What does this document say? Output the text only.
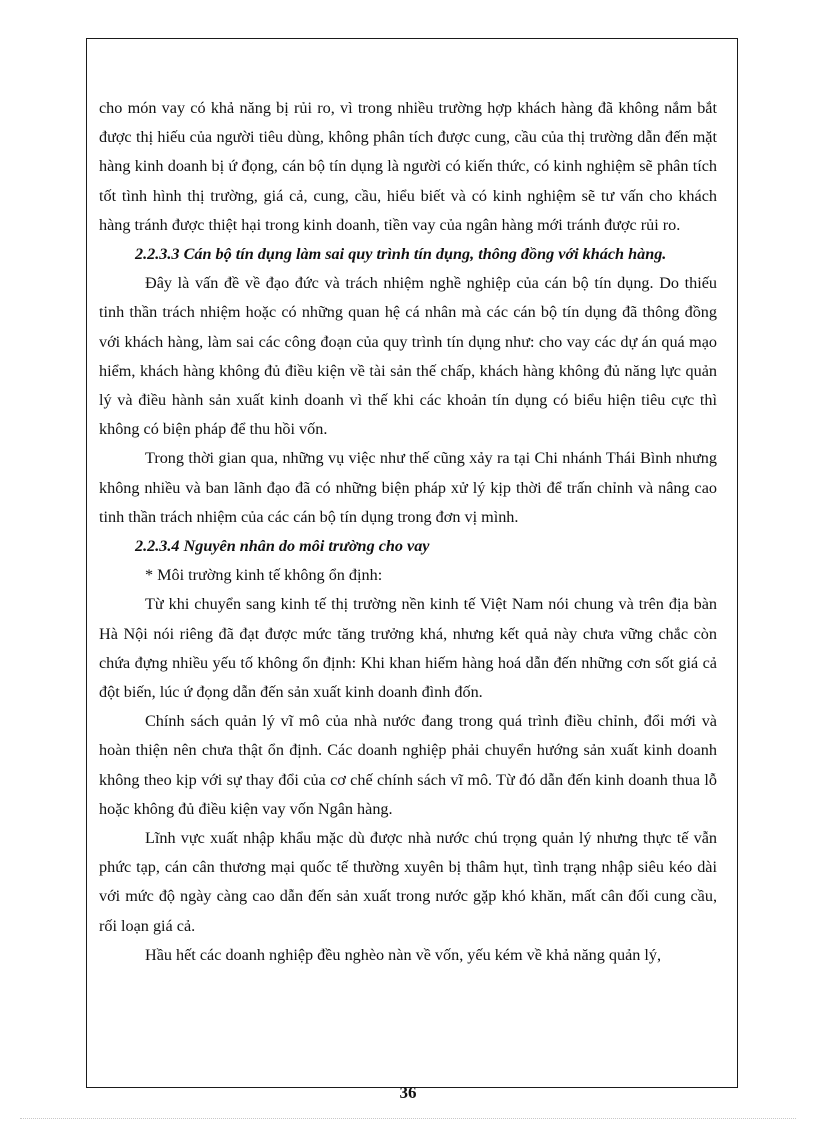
cho món vay có khả năng bị rủi ro, vì trong nhiều trường hợp khách hàng đã không nắm bắt được thị hiếu của người tiêu dùng, không phân tích được cung, cầu của thị trường dẫn đến mặt hàng kinh doanh bị ứ đọng, cán bộ tín dụng là người có kiến thức, có kinh nghiệm sẽ phân tích tốt tình hình thị trường, giá cả, cung, cầu, hiểu biết và có kinh nghiệm sẽ tư vấn cho khách hàng tránh được thiệt hại trong kinh doanh, tiền vay của ngân hàng mới tránh được rủi ro.

2.2.3.3 Cán bộ tín dụng làm sai quy trình tín dụng, thông đồng với khách hàng.

Đây là vấn đề về đạo đức và trách nhiệm nghề nghiệp của cán bộ tín dụng. Do thiếu tinh thần trách nhiệm hoặc có những quan hệ cá nhân mà các cán bộ tín dụng đã thông đồng với khách hàng, làm sai các công đoạn của quy trình tín dụng như: cho vay các dự án quá mạo hiểm, khách hàng không đủ điều kiện về tài sản thế chấp, khách hàng không đủ năng lực quản lý và điều hành sản xuất kinh doanh vì thế khi các khoản tín dụng có biểu hiện tiêu cực thì không có biện pháp để thu hồi vốn.

Trong thời gian qua, những vụ việc như thế cũng xảy ra tại Chi nhánh Thái Bình nhưng không nhiều và ban lãnh đạo đã có những biện pháp xử lý kịp thời để trấn chỉnh và nâng cao tinh thần trách nhiệm của các cán bộ tín dụng trong đơn vị mình.

2.2.3.4 Nguyên nhân do môi trường cho vay

* Môi trường kinh tế không ổn định:

Từ khi chuyển sang kinh tế thị trường nền kinh tế Việt Nam nói chung và trên địa bàn Hà Nội nói riêng đã đạt được mức tăng trưởng khá, nhưng kết quả này chưa vững chắc còn chứa đựng nhiều yếu tố không ổn định: Khi khan hiếm hàng hoá dẫn đến những cơn sốt giá cả đột biến, lúc ứ đọng dẫn đến sản xuất kinh doanh đình đốn.

Chính sách quản lý vĩ mô của nhà nước đang trong quá trình điều chỉnh, đổi mới và hoàn thiện nên chưa thật ổn định. Các doanh nghiệp phải chuyển hướng sản xuất kinh doanh không theo kịp với sự thay đổi của cơ chế chính sách vĩ mô. Từ đó dẫn đến kinh doanh thua lỗ hoặc không đủ điều kiện vay vốn Ngân hàng.

Lĩnh vực xuất nhập khẩu mặc dù được nhà nước chú trọng quản lý nhưng thực tế vẫn phức tạp, cán cân thương mại quốc tế thường xuyên bị thâm hụt, tình trạng nhập siêu kéo dài với mức độ ngày càng cao dẫn đến sản xuất trong nước gặp khó khăn, mất cân đối cung cầu, rối loạn giá cả.

Hầu hết các doanh nghiệp đều nghèo nàn về vốn, yếu kém về khả năng quản lý,

36
